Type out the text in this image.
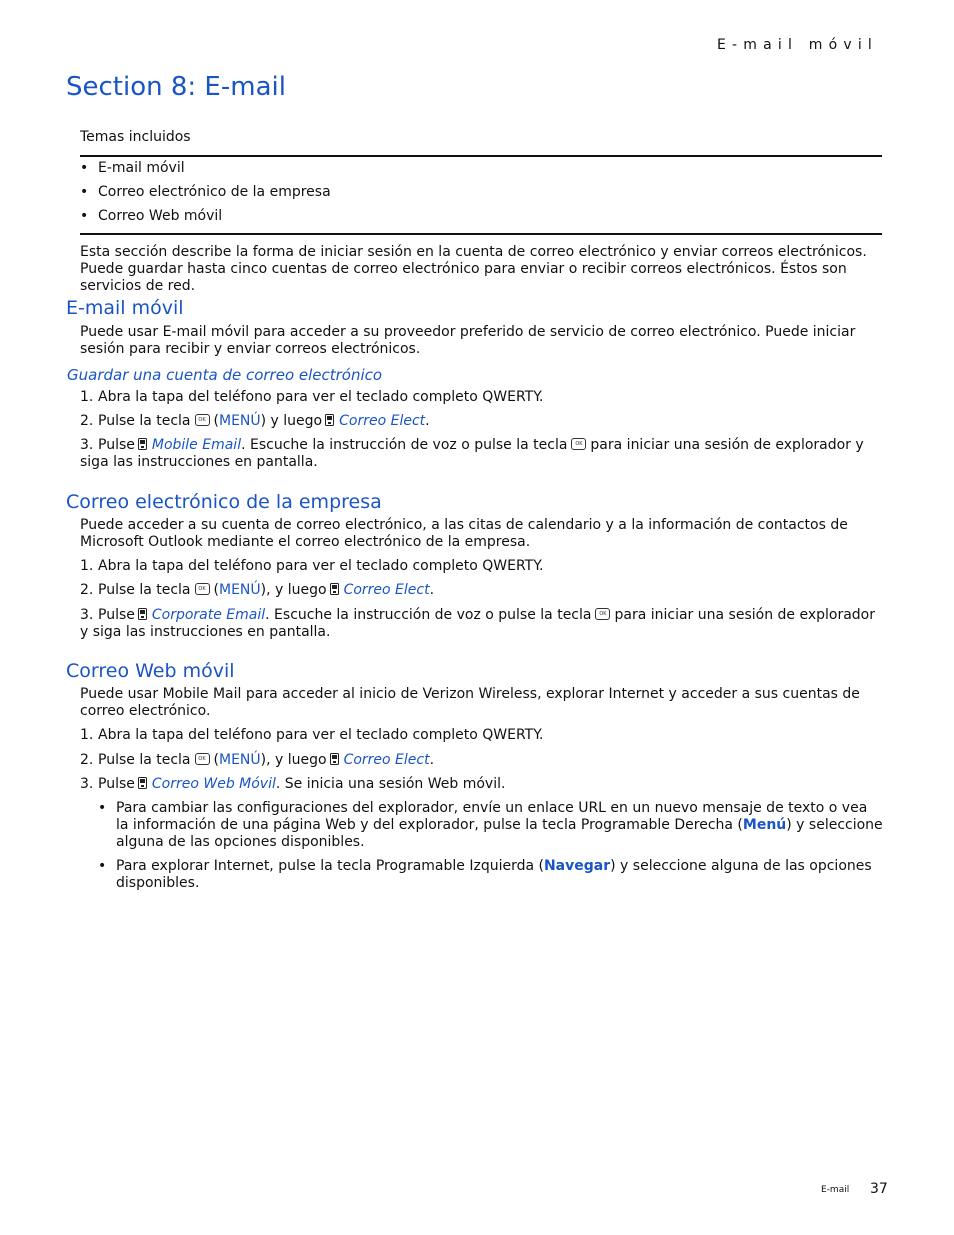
E-mail móvil
Section 8: E-mail
Temas incluidos
• E-mail móvil
• Correo electrónico de la empresa
• Correo Web móvil

Esta sección describe la forma de iniciar sesión en la cuenta de correo electrónico y enviar correos electrónicos. Puede guardar hasta cinco cuentas de correo electrónico para enviar o recibir correos electrónicos. Éstos son servicios de red.

E-mail móvil

Puede usar E-mail móvil para acceder a su proveedor preferido de servicio de correo electrónico. Puede iniciar sesión para recibir y enviar correos electrónicos.

Guardar una cuenta de correo electrónico
1. Abra la tapa del teléfono para ver el teclado completo QWERTY.
2. Pulse la tecla OK (MENÚ) y luego Correo Elect.
3. Pulse Mobile Email. Escuche la instrucción de voz o pulse la tecla OK para iniciar una sesión de explorador y siga las instrucciones en pantalla.
Correo electrónico de la empresa

Puede acceder a su cuenta de correo electrónico, a las citas de calendario y a la información de contactos de Microsoft Outlook mediante el correo electrónico de la empresa.

1. Abra la tapa del teléfono para ver el teclado completo QWERTY.
2. Pulse la tecla OK (MENÚ), y luego Correo Elect.
3. Pulse Corporate Email. Escuche la instrucción de voz o pulse la tecla OK para iniciar una sesión de explorador y siga las instrucciones en pantalla.
Correo Web móvil

Puede usar Mobile Mail para acceder al inicio de Verizon Wireless, explorar Internet y acceder a sus cuentas de correo electrónico.

1. Abra la tapa del teléfono para ver el teclado completo QWERTY.
2. Pulse la tecla OK (MENÚ), y luego Correo Elect.
3. Pulse Correo Web Móvil. Se inicia una sesión Web móvil.
• Para cambiar las configuraciones del explorador, envíe un enlace URL en un nuevo mensaje de texto o vea la información de una página Web y del explorador, pulse la tecla Programable Derecha (Menú) y seleccione alguna de las opciones disponibles.
• Para explorar Internet, pulse la tecla Programable Izquierda (Navegar) y seleccione alguna de las opciones disponibles.
E-mail 37
